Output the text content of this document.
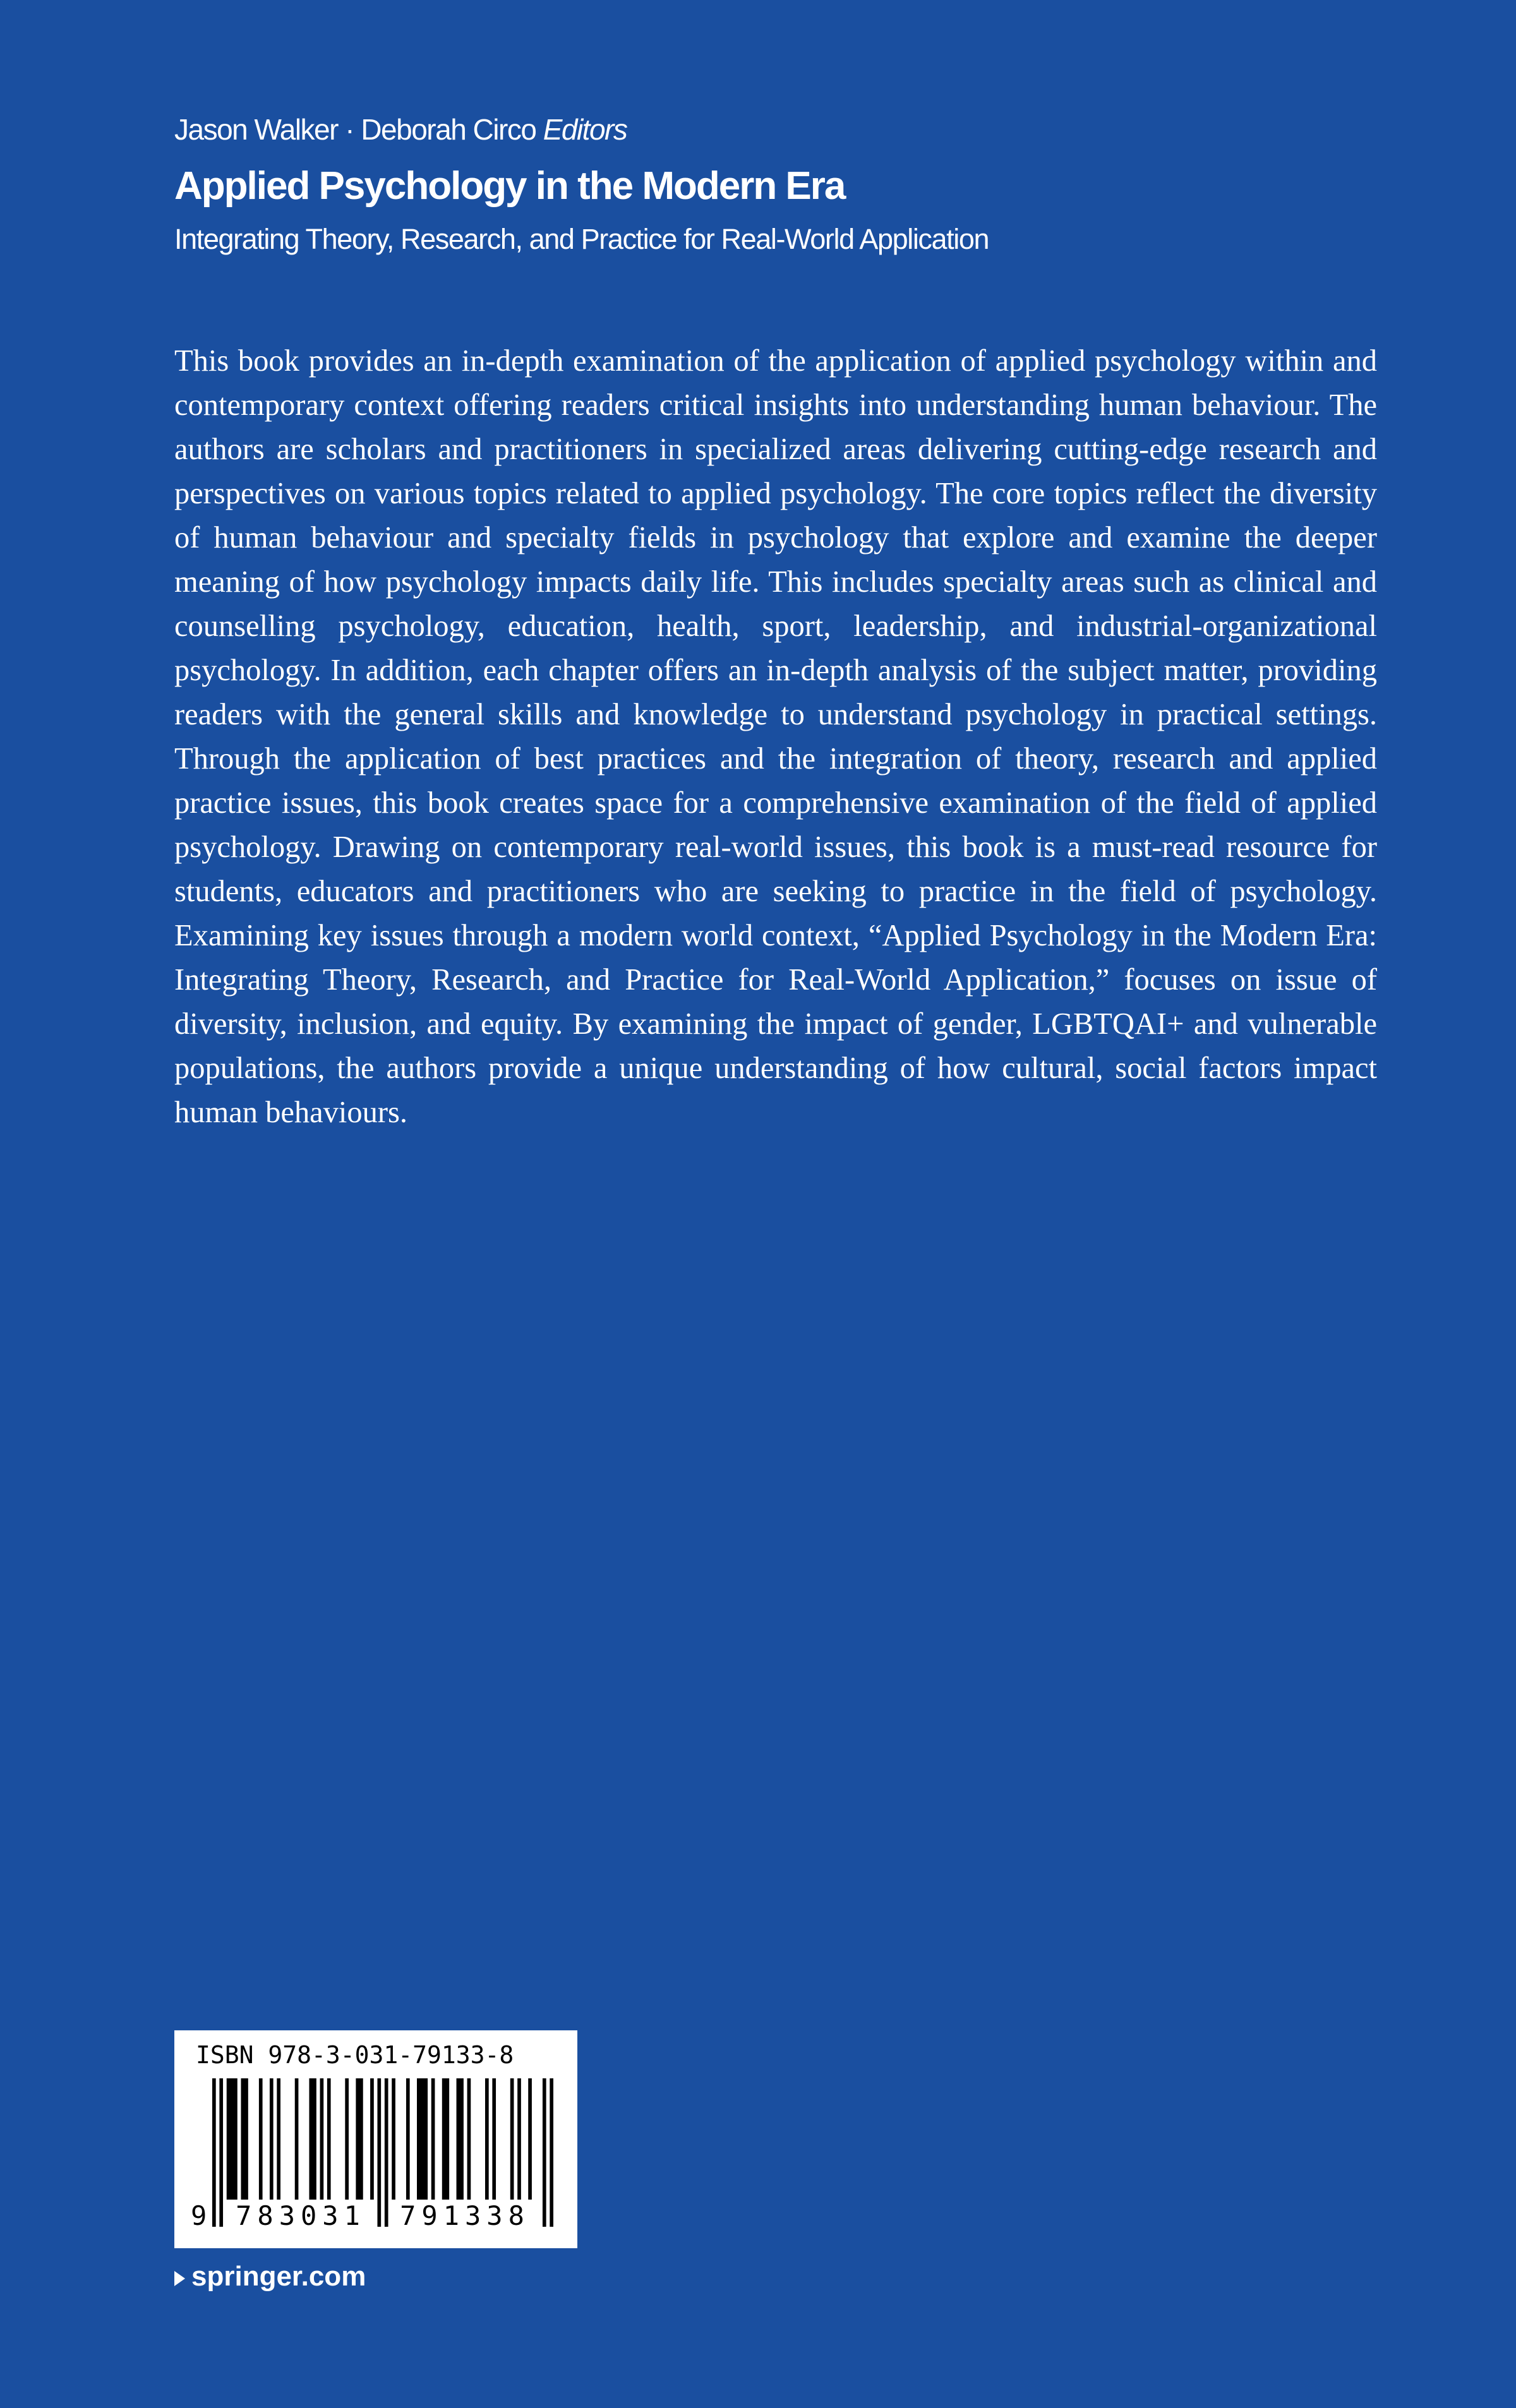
Jason Walker · Deborah Circo Editors
Applied Psychology in the Modern Era
Integrating Theory, Research, and Practice for Real-World Application

This book provides an in-depth examination of the application of applied psychology within and contemporary context offering readers critical insights into understanding human behaviour. The authors are scholars and practitioners in specialized areas delivering cutting-edge research and perspectives on various topics related to applied psychology. The core topics reflect the diversity of human behaviour and specialty fields in psychology that explore and examine the deeper meaning of how psychology impacts daily life. This includes specialty areas such as clinical and counselling psychology, education, health, sport, leadership, and industrial-organizational psychology. In addition, each chapter offers an in-depth analysis of the subject matter, providing readers with the general skills and knowledge to understand psychology in practical settings. Through the application of best practices and the integration of theory, research and applied practice issues, this book creates space for a comprehensive examination of the field of applied psychology. Drawing on contemporary real-world issues, this book is a must-read resource for students, educators and practitioners who are seeking to practice in the field of psychology. Examining key issues through a modern world context, “Applied Psychology in the Modern Era: Integrating Theory, Research, and Practice for Real-World Application,” focuses on issue of diversity, inclusion, and equity. By examining the impact of gender, LGBTQAI+ and vulnerable populations, the authors provide a unique understanding of how cultural, social factors impact human behaviours.

ISBN 978-3-031-79133-8
9	783031	791338
springer.com
